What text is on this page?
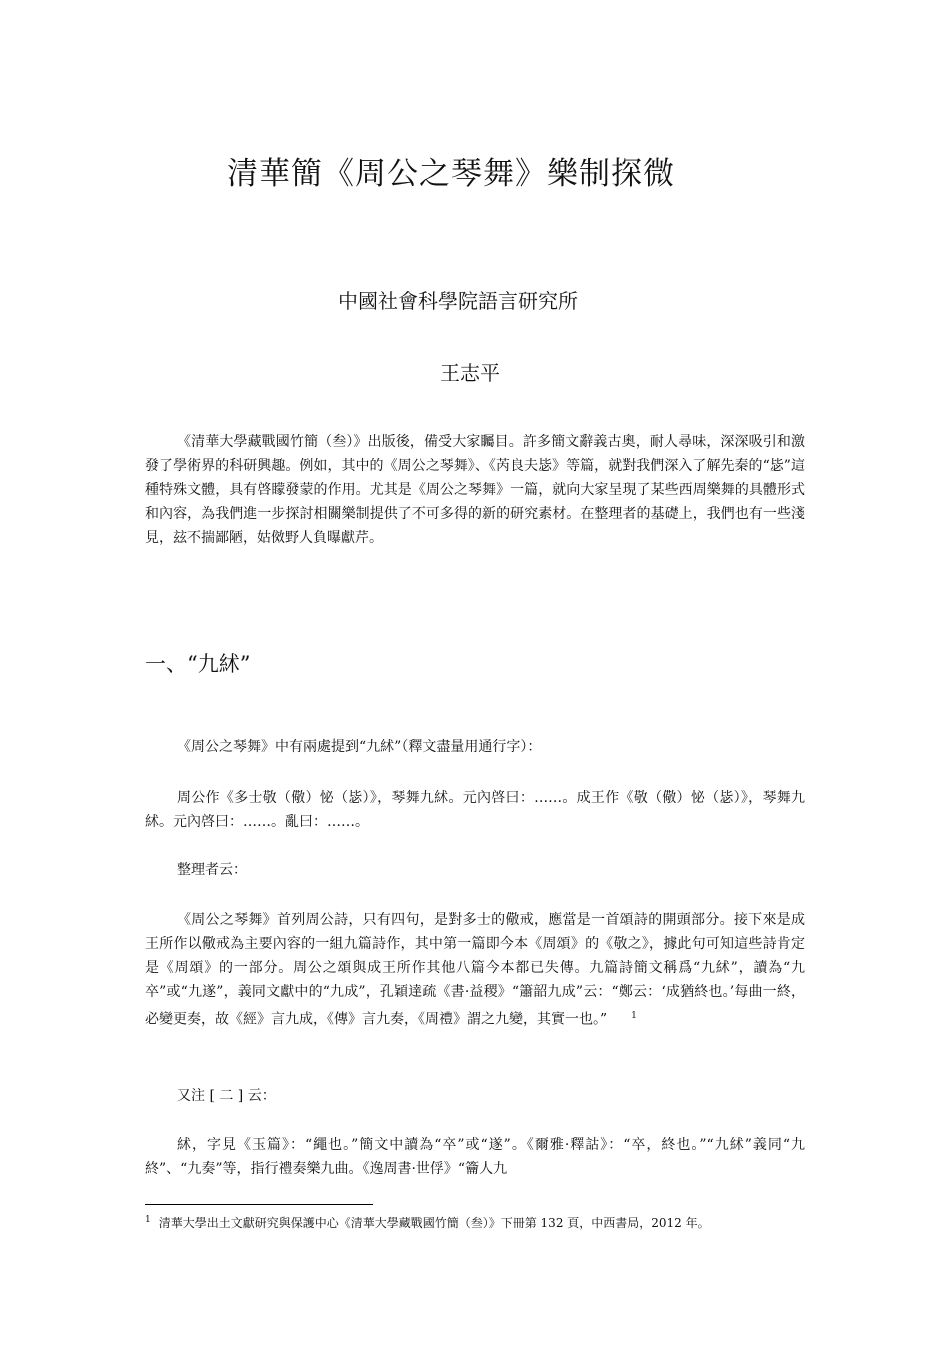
清華簡《周公之琴舞》樂制探微
中國社會科學院語言研究所
王志平

《清華大學藏戰國竹簡（叁）》出版後，備受大家矚目。許多簡文辭義古奧，耐人尋味，深深吸引和激發了學術界的科研興趣。例如，其中的《周公之琴舞》、《芮良夫毖》等篇，就對我們深入了解先秦的“毖”這種特殊文體，具有啓矇發蒙的作用。尤其是《周公之琴舞》一篇，就向大家呈現了某些西周樂舞的具體形式和內容，為我們進一步探討相關樂制提供了不可多得的新的研究素材。在整理者的基礎上，我們也有一些淺見，玆不揣鄙陋，姑傚野人負曝獻芹。

一、“九絉”

《周公之琴舞》中有兩處提到“九絉”（釋文盡量用通行字）：

周公作《多士敬（儆）怭（毖）》，琴舞九絉。元內啓曰：……。成王作《敬（儆）怭（毖）》，琴舞九絉。元內啓曰：……。亂曰：……。

整理者云：

《周公之琴舞》首列周公詩，只有四句，是對多士的儆戒，應當是一首頌詩的開頭部分。接下來是成王所作以儆戒為主要內容的一組九篇詩作，其中第一篇即今本《周頌》的《敬之》，據此句可知這些詩肯定是《周頌》的一部分。周公之頌與成王所作其他八篇今本都已失傳。九篇詩簡文稱爲“九絉”，讀為“九卒”或“九遂”，義同文獻中的“九成”，孔穎達疏《書·益稷》“簫韶九成”云：“鄭云：‘成猶終也。’每曲一終，必變更奏，故《經》言九成，《傳》言九奏，《周禮》謂之九變，其實一也。”	$^1$

又注 [ 二 ] 云：

絉，字見《玉篇》：“繩也。”簡文中讀為“卒”或“遂”。《爾雅·釋詁》：“卒，終也。”“九絉”義同“九終”、“九奏”等，指行禮奏樂九曲。《逸周書·世俘》“籥人九

$^1$ 清華大學出土文獻研究與保護中心《清華大學藏戰國竹簡（叁）》下冊第 132 頁，中西書局，2012 年。
